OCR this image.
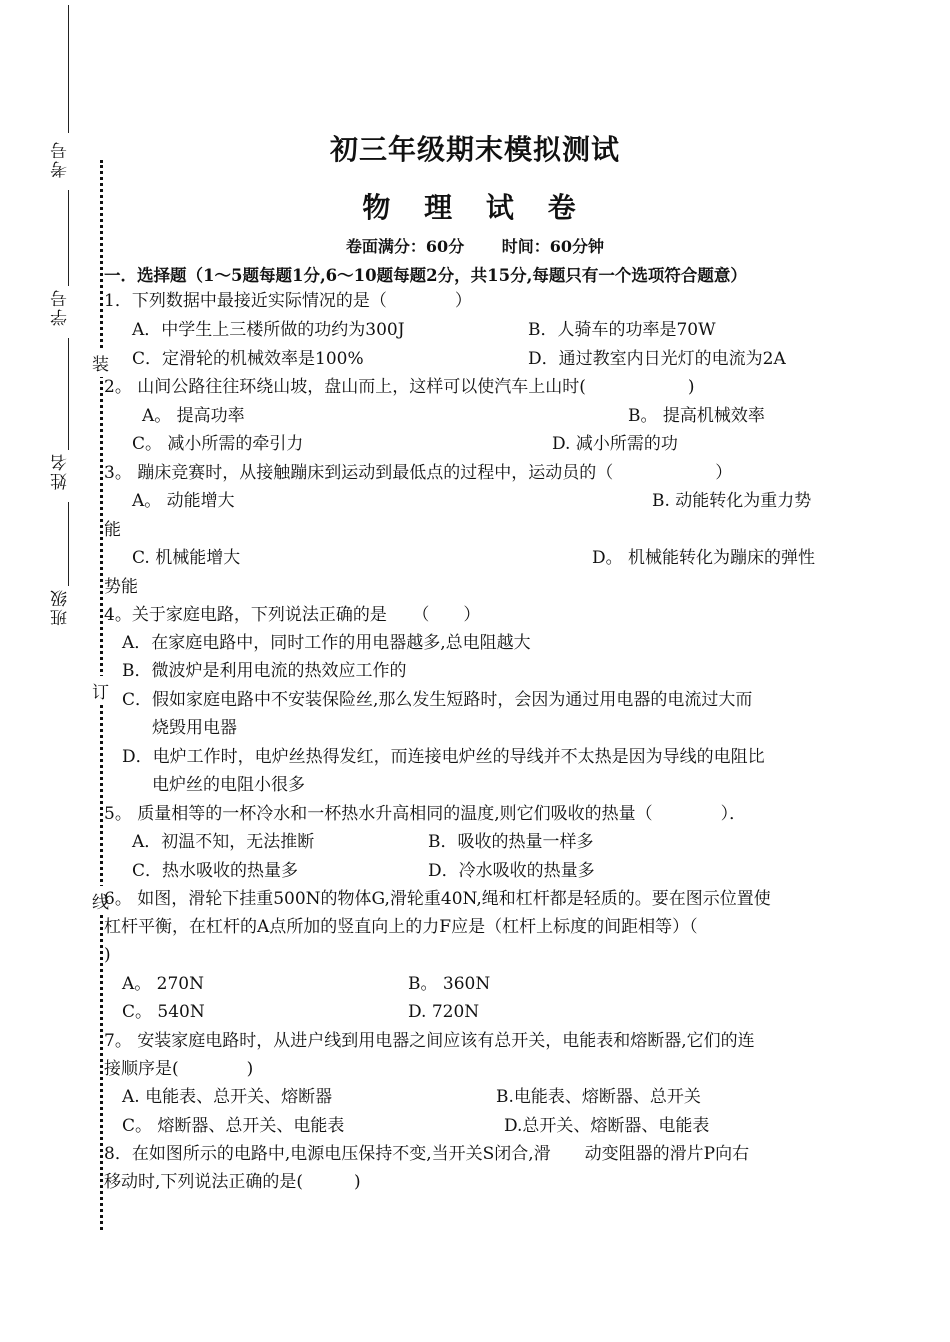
考号
学号
姓名
班级
装
订
线
初三年级期末模拟测试
物 理 试 卷
卷面满分：60分 时间：60分钟
一．选择题（1～5题每题1分,6～10题每题2分，共15分,每题只有一个选项符合题意）
1．下列数据中最接近实际情况的是（　　　　）
A．中学生上三楼所做的功约为300J	B．人骑车的功率是70W
C．定滑轮的机械效率是100%	D．通过教室内日光灯的电流为2A
2。 山间公路往往环绕山坡，盘山而上，这样可以使汽车上山时(　　　　　　)
A。 提高功率	B。 提高机械效率
C。 减小所需的牵引力	D. 减小所需的功
3。 蹦床竞赛时，从接触蹦床到运动到最低点的过程中，运动员的（　　　　　　）
A。 动能增大	B. 动能转化为重力势
能
C. 机械能增大	D。 机械能转化为蹦床的弹性
势能
4。关于家庭电路，下列说法正确的是　　（　　）
A．在家庭电路中，同时工作的用电器越多,总电阻越大
B．微波炉是利用电流的热效应工作的
C．假如家庭电路中不安装保险丝,那么发生短路时，会因为通过用电器的电流过大而
烧毁用电器
D．电炉工作时，电炉丝热得发红，而连接电炉丝的导线并不太热是因为导线的电阻比
电炉丝的电阻小很多
5。 质量相等的一杯冷水和一杯热水升高相同的温度,则它们吸收的热量（　　　　）．
A．初温不知，无法推断	B．吸收的热量一样多
C．热水吸收的热量多	D．冷水吸收的热量多
6。 如图，滑轮下挂重500N的物体G,滑轮重40N,绳和杠杆都是轻质的。要在图示位置使
杠杆平衡，在杠杆的A点所加的竖直向上的力F应是（杠杆上标度的间距相等）（
)
A。 270N	B。 360N
C。 540N	D. 720N
7。 安装家庭电路时，从进户线到用电器之间应该有总开关，电能表和熔断器,它们的连
接顺序是(　　　　)
A. 电能表、总开关、熔断器	B.电能表、熔断器、总开关
C。 熔断器、总开关、电能表	D.总开关、熔断器、电能表
8．在如图所示的电路中,电源电压保持不变,当开关S闭合,滑　　动变阻器的滑片P向右
移动时,下列说法正确的是(　　　)
